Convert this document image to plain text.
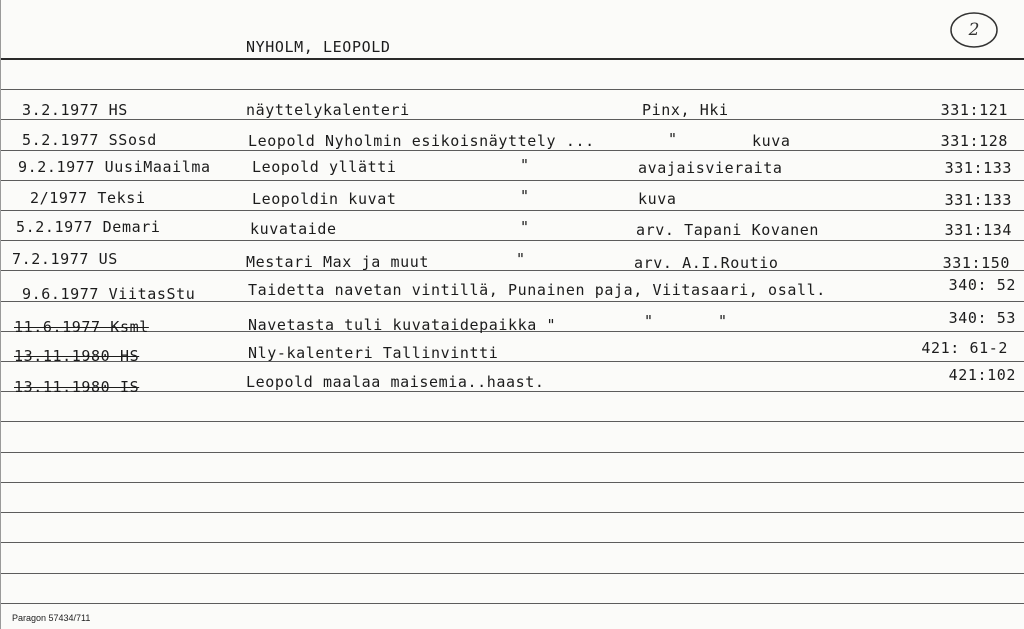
NYHOLM, LEOPOLD
2
3.2.1977 HS	näyttelykalenteri	Pinx, Hki	331:121
5.2.1977 SSosd	Leopold Nyholmin esikoisnäyttely ...	"	kuva	331:128
9.2.1977 UusiMaailma	Leopold yllätti	"	avajaisvieraita	331:133
2/1977 Teksi	Leopoldin kuvat	"	kuva	331:133
5.2.1977 Demari	kuvataide	"	arv. Tapani Kovanen	331:134
7.2.1977 US	Mestari Max ja muut	"	arv. A.I.Routio	331:150
9.6.1977 ViitasStu	Taidetta navetan vintillä, Punainen paja, Viitasaari, osall.	340: 52
11.6.1977 Ksml	Navetasta tuli kuvataidepaikka "	"	"	340: 53
13.11.1980 HS	Nly-kalenteri Tallinvintti	421: 61-2
13.11.1980 IS	Leopold maalaa maisemia..haast.	421:102
Paragon 57434/711
